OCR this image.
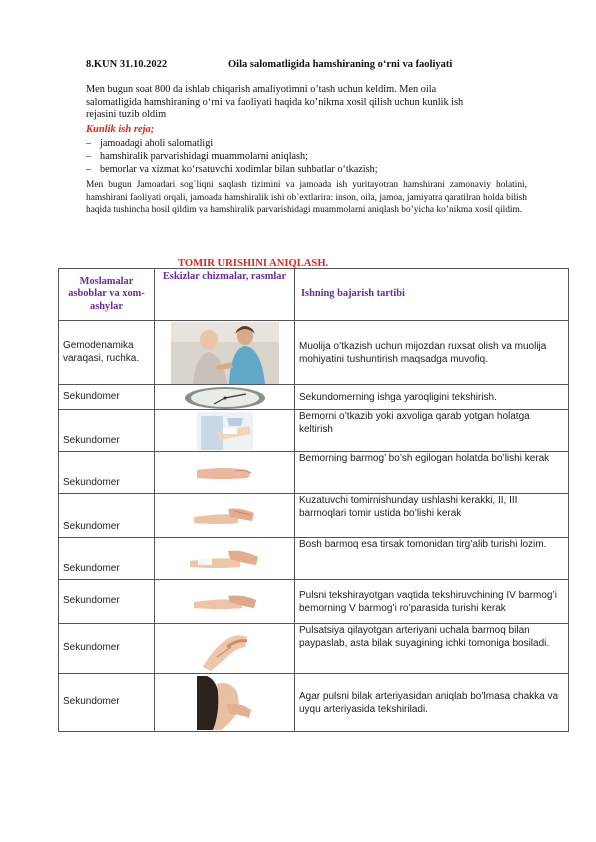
8.KUN 31.10.2022	Oila salomatligida hamshiraning o‘rni va faoliyati
Men bugun soat 800 da ishlab chiqarish amaliyotimni o’tash uchun keldim. Men oila
salomatligida hamshiraning o‘rni va faoliyati haqida ko’nikma xosil qilish uchun kunlik ish
rejasini tuzib oldim
Kunlik ish reja;
– jamoadagi aholi salomatligi
– hamshiralik parvarishidagi muammolarni aniqlash;
– bemorlar va xizmat ko‘rsatuvchi xodimlar bilan suhbatlar o‘tkazish;
Men bugun Jamoadari sog`liqni saqlash tizimini va jamoada ish yuritayotran hamshirani zamonaviy holatini, hamshirani faoliyati orqali, jamoada hamshiralik ishi ob`extlarira: inson, oila, jamoa, jamiyatra qaratilran holda bilish haqida tushincha hosil qildim va hamshiralik parvarishidagi muammolarni aniqlash bo’yicha ko’nikma xosil qildim.
TOMIR URISHINI ANIQLASH.
Moslamalar asboblar va xom-ashylar	Eskizlar chizmalar, rasmlar	Ishning bajarish tartibi
Gemodenamika varaqasi, ruchka.		Muolija o’tkazish uchun mijozdan ruxsat olish va muolija mohiyatini tushuntirish maqsadga muvofiq.
Sekundomer		Sekundomerning ishga yaroqligini tekshirish.
Sekundomer		Bemorni o’tkazib yoki axvoliga qarab yotgan holatga keltirish
Sekundomer		Bemorning barmog’ bo’sh egilogan holatda bo’lishi kerak
Sekundomer		Kuzatuvchi tomirnishunday ushlashi kerakki, II, III barmoqlari tomir ustida bo’lishi kerak
Sekundomer		Bosh barmoq esa tirsak tomonidan tirg’alib turishi lozim.
Sekundomer		Pulsni tekshirayotgan vaqtida tekshiruvchining IV barmog’i bemorning V barmog’i ro’parasida turishi kerak
Sekundomer		Pulsatsiya qilayotgan arteriyani uchala barmoq bilan paypaslab, asta bilak suyagining ichki tomoniga bosiladi.
Sekundomer		Agar pulsni bilak arteriyasidan aniqlab bo’lmasa chakka va uyqu arteriyasida tekshiriladi.
